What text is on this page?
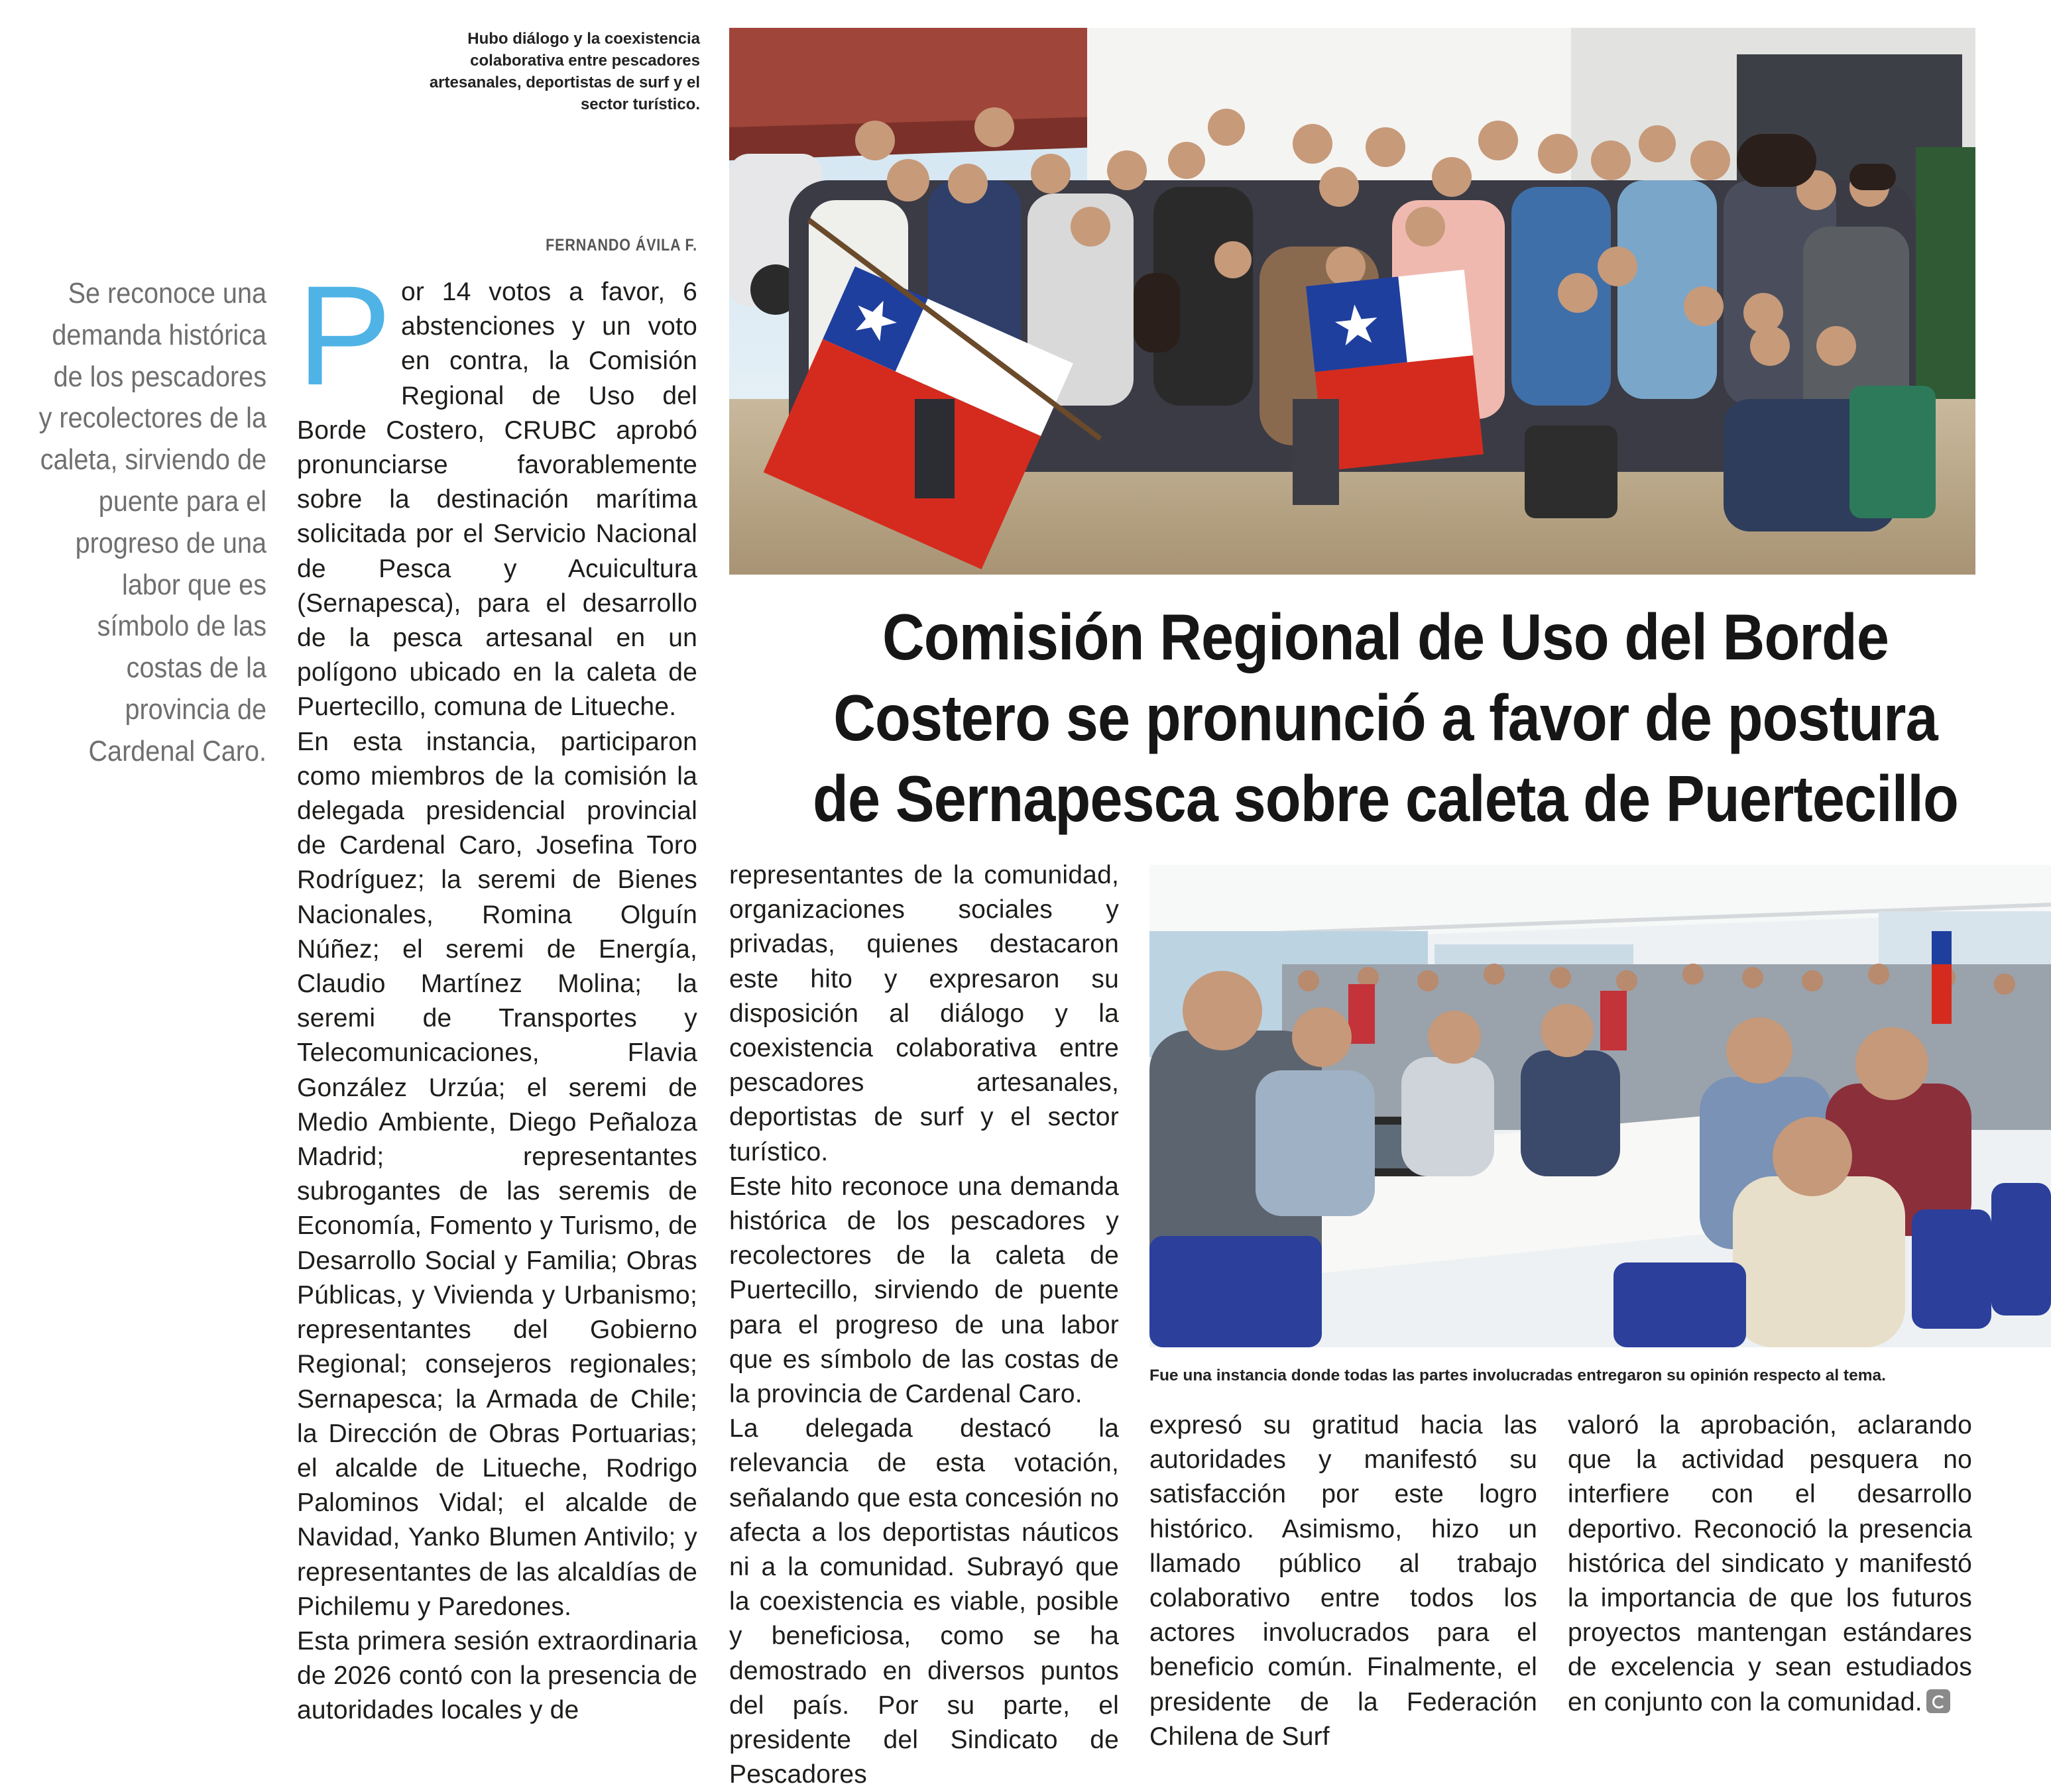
Hubo diálogo y la coexistencia colaborativa entre pescadores artesanales, deportistas de surf y el sector turístico.
FERNANDO ÁVILA F.
Se reconoce una demanda histórica de los pescadores y recolectores de la caleta, sirviendo de puente para el progreso de una labor que es símbolo de las costas de la provincia de Cardenal Caro.
Comisión Regional de Uso del Borde Costero se pronunció a favor de postura de Sernapesca sobre caleta de Puertecillo
P or 14 votos a favor, 6 abstenciones y un voto en contra, la Comisión Regional de Uso del Borde Costero, CRUBC aprobó pronunciarse favorablemente sobre la destinación marítima solicitada por el Servicio Nacional de Pesca y Acuicultura (Sernapesca), para el desarrollo de la pesca artesanal en un polígono ubicado en la caleta de Puertecillo, comuna de Litueche.

En esta instancia, participaron como miembros de la comisión la delegada presidencial provincial de Cardenal Caro, Josefina Toro Rodríguez; la seremi de Bienes Nacionales, Romina Olguín Núñez; el seremi de Energía, Claudio Martínez Molina; la seremi de Transportes y Telecomunicaciones, Flavia González Urzúa; el seremi de Medio Ambiente, Diego Peñaloza Madrid; representantes subrogantes de las seremis de Economía, Fomento y Turismo, de Desarrollo Social y Familia; Obras Públicas, y Vivienda y Urbanismo; representantes del Gobierno Regional; consejeros regionales; Sernapesca; la Armada de Chile; la Dirección de Obras Portuarias; el alcalde de Litueche, Rodrigo Palominos Vidal; el alcalde de Navidad, Yanko Blumen Antivilo; y representantes de las alcaldías de Pichilemu y Paredones.

Esta primera sesión extraordinaria de 2026 contó con la presencia de autoridades locales y de

representantes de la comunidad, organizaciones sociales y privadas, quienes destacaron este hito y expresaron su disposición al diálogo y la coexistencia colaborativa entre pescadores artesanales, deportistas de surf y el sector turístico.

Este hito reconoce una demanda histórica de los pescadores y recolectores de la caleta de Puertecillo, sirviendo de puente para el progreso de una labor que es símbolo de las costas de la provincia de Cardenal Caro.

La delegada destacó la relevancia de esta votación, señalando que esta concesión no afecta a los deportistas náuticos ni a la comunidad. Subrayó que la coexistencia es viable, posible y beneficiosa, como se ha demostrado en diversos puntos del país. Por su parte, el presidente del Sindicato de Pescadores

Fue una instancia donde todas las partes involucradas entregaron su opinión respecto al tema.

expresó su gratitud hacia las autoridades y manifestó su satisfacción por este logro histórico. Asimismo, hizo un llamado público al trabajo colaborativo entre todos los actores involucrados para el beneficio común. Finalmente, el presidente de la Federación Chilena de Surf

valoró la aprobación, aclarando que la actividad pesquera no interfiere con el desarrollo deportivo. Reconoció la presencia histórica del sindicato y manifestó la importancia de que los futuros proyectos mantengan estándares de excelencia y sean estudiados en conjunto con la comunidad.
